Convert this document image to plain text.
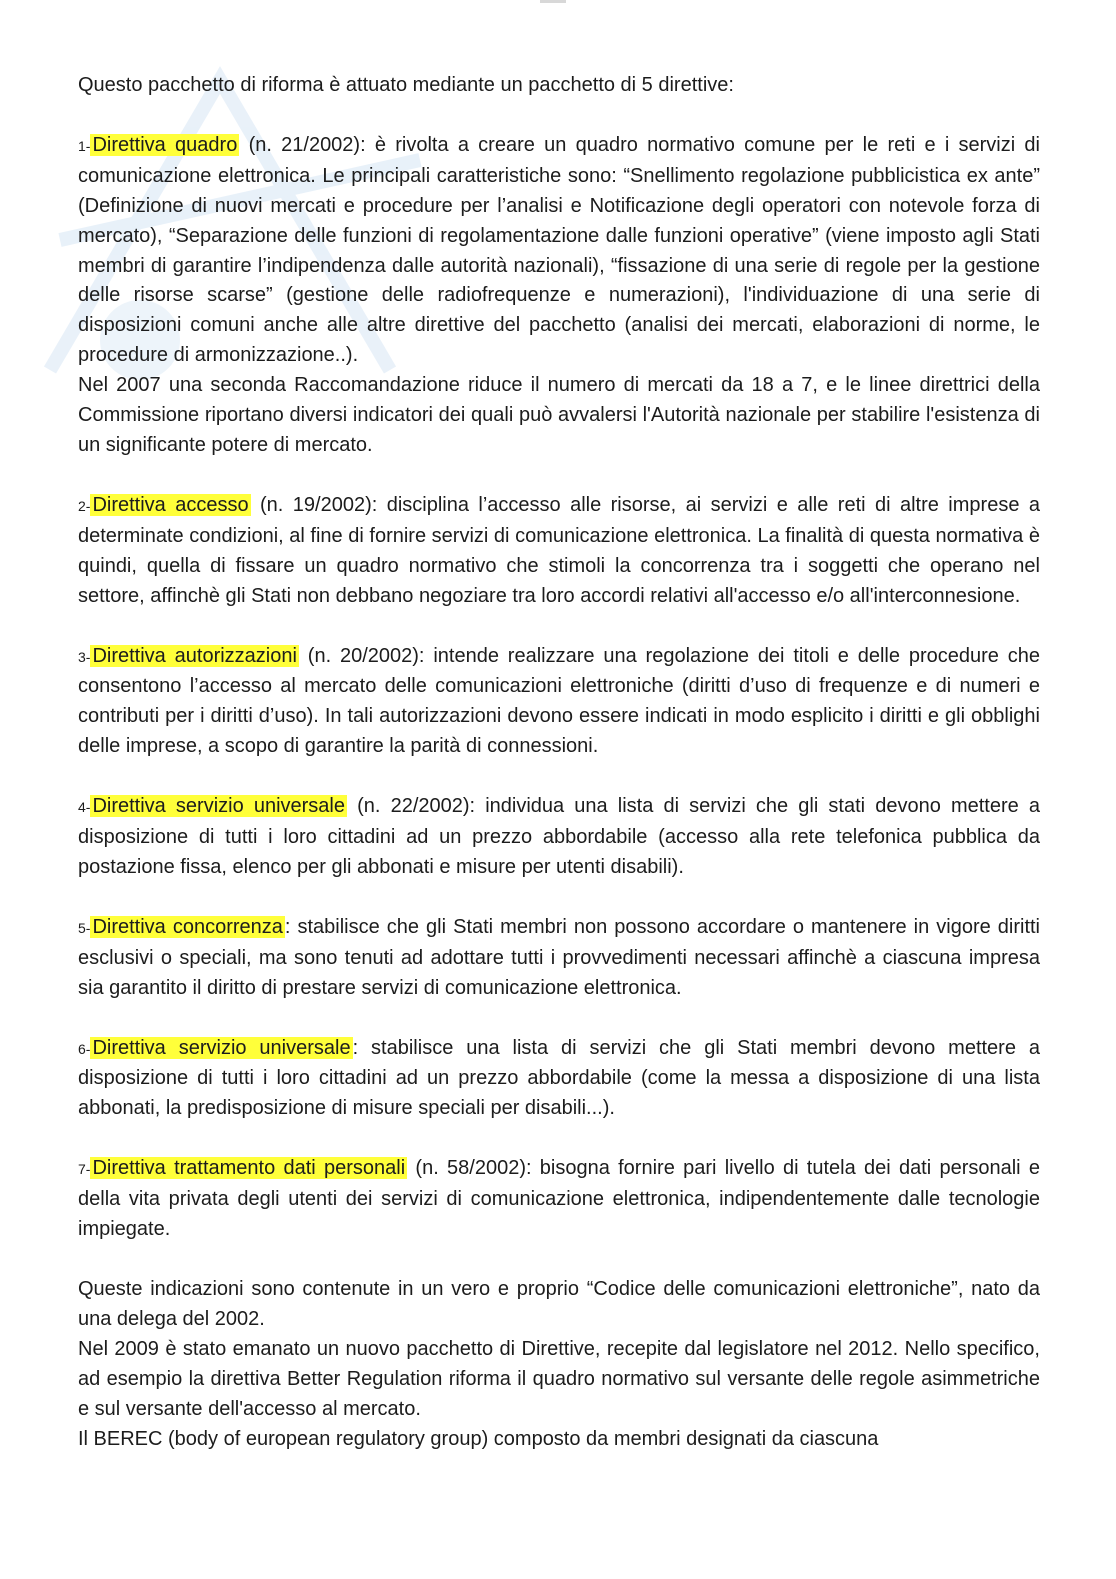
Questo pacchetto di riforma è attuato mediante un pacchetto di 5 direttive:

1- Direttiva quadro (n. 21/2002): è rivolta a creare un quadro normativo comune per le reti e i servizi di comunicazione elettronica. Le principali caratteristiche sono: “Snellimento regolazione pubblicistica ex ante” (Definizione di nuovi mercati e procedure per l’analisi e Notificazione degli operatori con notevole forza di mercato), “Separazione delle funzioni di regolamentazione dalle funzioni operative” (viene imposto agli Stati membri di garantire l’indipendenza dalle autorità nazionali), “fissazione di una serie di regole per la gestione delle risorse scarse” (gestione delle radiofrequenze e numerazioni), l'individuazione di una serie di disposizioni comuni anche alle altre direttive del pacchetto (analisi dei mercati, elaborazioni di norme, le procedure di armonizzazione..).

Nel 2007 una seconda Raccomandazione riduce il numero di mercati da 18 a 7, e le linee direttrici della Commissione riportano diversi indicatori dei quali può avvalersi l'Autorità nazionale per stabilire l'esistenza di un significante potere di mercato.

2- Direttiva accesso (n. 19/2002): disciplina l’accesso alle risorse, ai servizi e alle reti di altre imprese a determinate condizioni, al fine di fornire servizi di comunicazione elettronica. La finalità di questa normativa è quindi, quella di fissare un quadro normativo che stimoli la concorrenza tra i soggetti che operano nel settore, affinchè gli Stati non debbano negoziare tra loro accordi relativi all'accesso e/o all'interconnesione.

3- Direttiva autorizzazioni (n. 20/2002): intende realizzare una regolazione dei titoli e delle procedure che consentono l’accesso al mercato delle comunicazioni elettroniche (diritti d’uso di frequenze e di numeri e contributi per i diritti d’uso). In tali autorizzazioni devono essere indicati in modo esplicito i diritti e gli obblighi delle imprese, a scopo di garantire la parità di connessioni.

4- Direttiva servizio universale (n. 22/2002): individua una lista di servizi che gli stati devono mettere a disposizione di tutti i loro cittadini ad un prezzo abbordabile (accesso alla rete telefonica pubblica da postazione fissa, elenco per gli abbonati e misure per utenti disabili).

5- Direttiva concorrenza : stabilisce che gli Stati membri non possono accordare o mantenere in vigore diritti esclusivi o speciali, ma sono tenuti ad adottare tutti i provvedimenti necessari affinchè a ciascuna impresa sia garantito il diritto di prestare servizi di comunicazione elettronica.

6- Direttiva servizio universale : stabilisce una lista di servizi che gli Stati membri devono mettere a disposizione di tutti i loro cittadini ad un prezzo abbordabile (come la messa a disposizione di una lista abbonati, la predisposizione di misure speciali per disabili...).

7- Direttiva trattamento dati personali (n. 58/2002): bisogna fornire pari livello di tutela dei dati personali e della vita privata degli utenti dei servizi di comunicazione elettronica, indipendentemente dalle tecnologie impiegate.

Queste indicazioni sono contenute in un vero e proprio “Codice delle comunicazioni elettroniche”, nato da una delega del 2002.

Nel 2009 è stato emanato un nuovo pacchetto di Direttive, recepite dal legislatore nel 2012. Nello specifico, ad esempio la direttiva Better Regulation riforma il quadro normativo sul versante delle regole asimmetriche e sul versante dell'accesso al mercato.

Il BEREC (body of european regulatory group) composto da membri designati da ciascuna
